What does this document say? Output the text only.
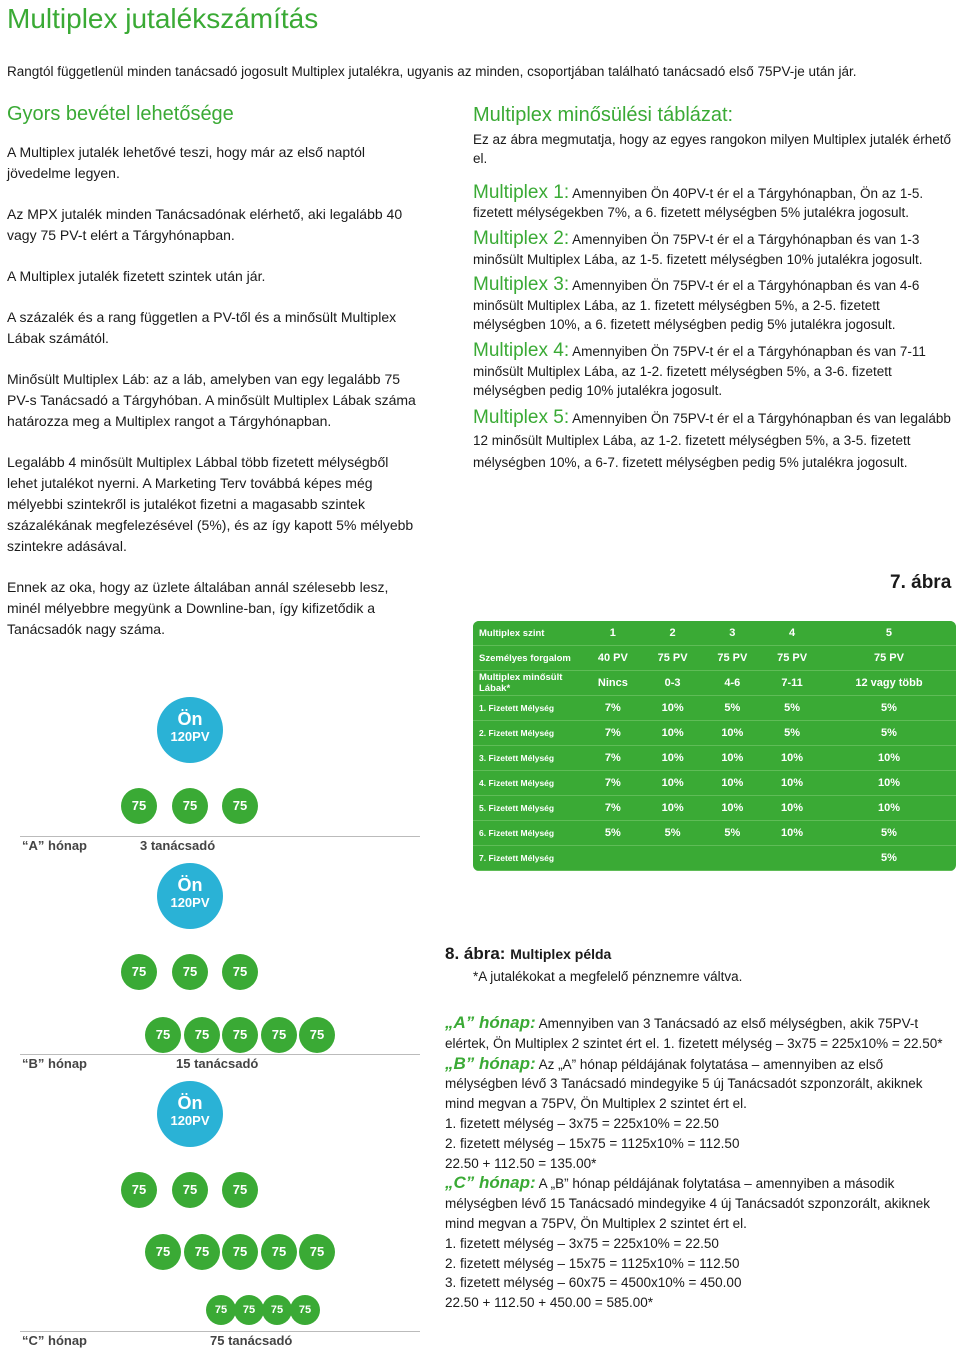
Multiplex jutalékszámítás
Rangtól függetlenül minden tanácsadó jogosult Multiplex jutalékra, ugyanis az minden, csoportjában található tanácsadó első 75PV-je után jár.
Gyors bevétel lehetősége

A Multiplex jutalék lehetővé teszi, hogy már az első naptól jövedelme legyen.

Az MPX jutalék minden Tanácsadónak elérhető, aki legalább 40 vagy 75 PV-t elért a Tárgyhónapban.

A Multiplex jutalék fizetett szintek után jár.

A százalék és a rang független a PV-től és a minősült Multiplex Lábak számától.

Minősült Multiplex Láb: az a láb, amelyben van egy legalább 75 PV-s Tanácsadó a Tárgyhóban. A minősült Multiplex Lábak száma határozza meg a Multiplex rangot a Tárgyhónapban.

Legalább 4 minősült Multiplex Lábbal több fizetett mélységből lehet jutalékot nyerni. A Marketing Terv továbbá képes még mélyebbi szintekről is jutalékot fizetni a magasabb szintek százalékának megfelezésével (5%), és az így kapott 5% mélyebb szintekre adásával.

Ennek az oka, hogy az üzlete általában annál szélesebb lesz, minél mélyebbre megyünk a Downline-ban, így kifizetődik a Tanácsadók nagy száma.

Multiplex minősülési táblázat:
Ez az ábra megmutatja, hogy az egyes rangokon milyen Multiplex jutalék érhető el.
Multiplex 1: Amennyiben Ön 40PV-t ér el a Tárgyhónapban, Ön az 1-5. fizetett mélységekben 7%, a 6. fizetett mélységben 5% jutalékra jogosult.
Multiplex 2: Amennyiben Ön 75PV-t ér el a Tárgyhónapban és van 1-3 minősült Multiplex Lába, az 1-5. fizetett mélységben 10% jutalékra jogosult.
Multiplex 3: Amennyiben Ön 75PV-t ér el a Tárgyhónapban és van 4-6 minősült Multiplex Lába, az 1. fizetett mélységben 5%, a 2-5. fizetett mélységben 10%, a 6. fizetett mélységben pedig 5% jutalékra jogosult.
Multiplex 4: Amennyiben Ön 75PV-t ér el a Tárgyhónapban és van 7-11 minősült Multiplex Lába, az 1-2. fizetett mélységben 5%, a 3-6. fizetett mélységben pedig 10% jutalékra jogosult.
Multiplex 5: Amennyiben Ön 75PV-t ér el a Tárgyhónapban és van legalább 12 minősült Multiplex Lába, az 1-2. fizetett mélységben 5%, a 3-5. fizetett mélységben 10%, a 6-7. fizetett mélységben pedig 5% jutalékra jogosult.
7. ábra
Multiplex szint	1	2	3	4	5
Személyes forgalom	40 PV	75 PV	75 PV	75 PV	75 PV
Multiplex minősült Lábak*	Nincs	0-3	4-6	7-11	12 vagy több
1. Fizetett Mélység	7%	10%	5%	5%	5%
2. Fizetett Mélység	7%	10%	10%	5%	5%
3. Fizetett Mélység	7%	10%	10%	10%	10%
4. Fizetett Mélység	7%	10%	10%	10%	10%
5. Fizetett Mélység	7%	10%	10%	10%	10%
6. Fizetett Mélység	5%	5%	5%	10%	5%
7. Fizetett Mélység					5%
Ön
120PV
75	75	75
“A” hónap	3 tanácsadó
Ön
120PV
75	75	75
75	75	75	75	75
“B” hónap	15 tanácsadó
Ön
120PV
75	75	75
75	75	75	75	75
75	75	75	75
“C” hónap	75 tanácsadó
8. ábra: Multiplex példa
*A jutalékokat a megfelelő pénznemre váltva.
„A” hónap: Amennyiben van 3 Tanácsadó az első mélységben, akik 75PV-t elértek, Ön Multiplex 2 szintet ért el. 1. fizetett mélység – 3x75 = 225x10% = 22.50*
„B” hónap: Az „A” hónap példájának folytatása – amennyiben az első mélységben lévő 3 Tanácsadó mindegyike 5 új Tanácsadót szponzorált, akiknek mind megvan a 75PV, Ön Multiplex 2 szintet ért el.
1. fizetett mélység – 3x75 = 225x10% = 22.50
2. fizetett mélység – 15x75 = 1125x10% = 112.50
22.50 + 112.50 = 135.00*
„C” hónap: A „B” hónap példájának folytatása – amennyiben a második mélységben lévő 15 Tanácsadó mindegyike 4 új Tanácsadót szponzorált, akiknek mind megvan a 75PV, Ön Multiplex 2 szintet ért el.
1. fizetett mélység – 3x75 = 225x10% = 22.50
2. fizetett mélység – 15x75 = 1125x10% = 112.50
3. fizetett mélység – 60x75 = 4500x10% = 450.00
22.50 + 112.50 + 450.00 = 585.00*
